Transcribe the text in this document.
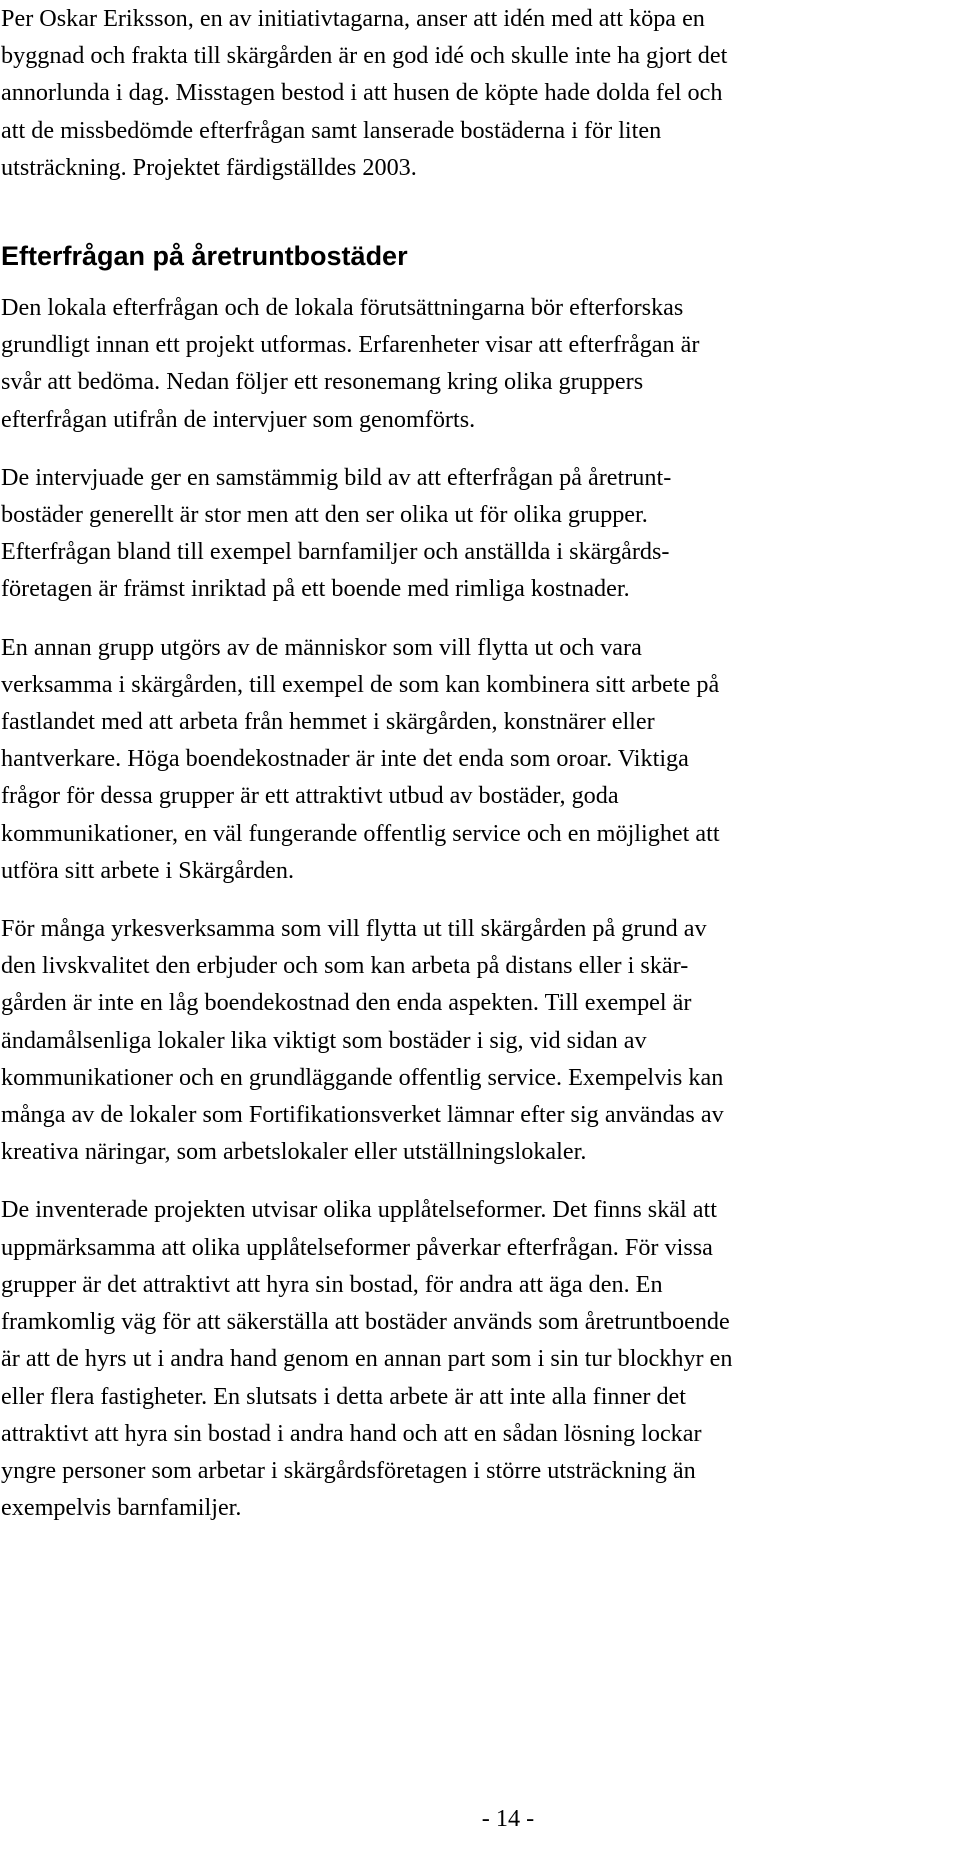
Per Oskar Eriksson, en av initiativtagarna, anser att idén med att köpa en
byggnad och frakta till skärgården är en god idé och skulle inte ha gjort det
annorlunda i dag. Misstagen bestod i att husen de köpte hade dolda fel och
att de missbedömde efterfrågan samt lanserade bostäderna i för liten
utsträckning. Projektet färdigställdes 2003.

Efterfrågan på åretruntbostäder

Den lokala efterfrågan och de lokala förutsättningarna bör efterforskas
grundligt innan ett projekt utformas. Erfarenheter visar att efterfrågan är
svår att bedöma. Nedan följer ett resonemang kring olika gruppers
efterfrågan utifrån de intervjuer som genomförts.

De intervjuade ger en samstämmig bild av att efterfrågan på åretrunt-
bostäder generellt är stor men att den ser olika ut för olika grupper.
Efterfrågan bland till exempel barnfamiljer och anställda i skärgårds-
företagen är främst inriktad på ett boende med rimliga kostnader.

En annan grupp utgörs av de människor som vill flytta ut och vara
verksamma i skärgården, till exempel de som kan kombinera sitt arbete på
fastlandet med att arbeta från hemmet i skärgården, konstnärer eller
hantverkare. Höga boendekostnader är inte det enda som oroar. Viktiga
frågor för dessa grupper är ett attraktivt utbud av bostäder, goda
kommunikationer, en väl fungerande offentlig service och en möjlighet att
utföra sitt arbete i Skärgården.

För många yrkesverksamma som vill flytta ut till skärgården på grund av
den livskvalitet den erbjuder och som kan arbeta på distans eller i skär-
gården är inte en låg boendekostnad den enda aspekten. Till exempel är
ändamålsenliga lokaler lika viktigt som bostäder i sig, vid sidan av
kommunikationer och en grundläggande offentlig service. Exempelvis kan
många av de lokaler som Fortifikationsverket lämnar efter sig användas av
kreativa näringar, som arbetslokaler eller utställningslokaler.

De inventerade projekten utvisar olika upplåtelseformer. Det finns skäl att
uppmärksamma att olika upplåtelseformer påverkar efterfrågan. För vissa
grupper är det attraktivt att hyra sin bostad, för andra att äga den. En
framkomlig väg för att säkerställa att bostäder används som åretruntboende
är att de hyrs ut i andra hand genom en annan part som i sin tur blockhyr en
eller flera fastigheter. En slutsats i detta arbete är att inte alla finner det
attraktivt att hyra sin bostad i andra hand och att en sådan lösning lockar
yngre personer som arbetar i skärgårdsföretagen i större utsträckning än
exempelvis barnfamiljer.

- 14 -
